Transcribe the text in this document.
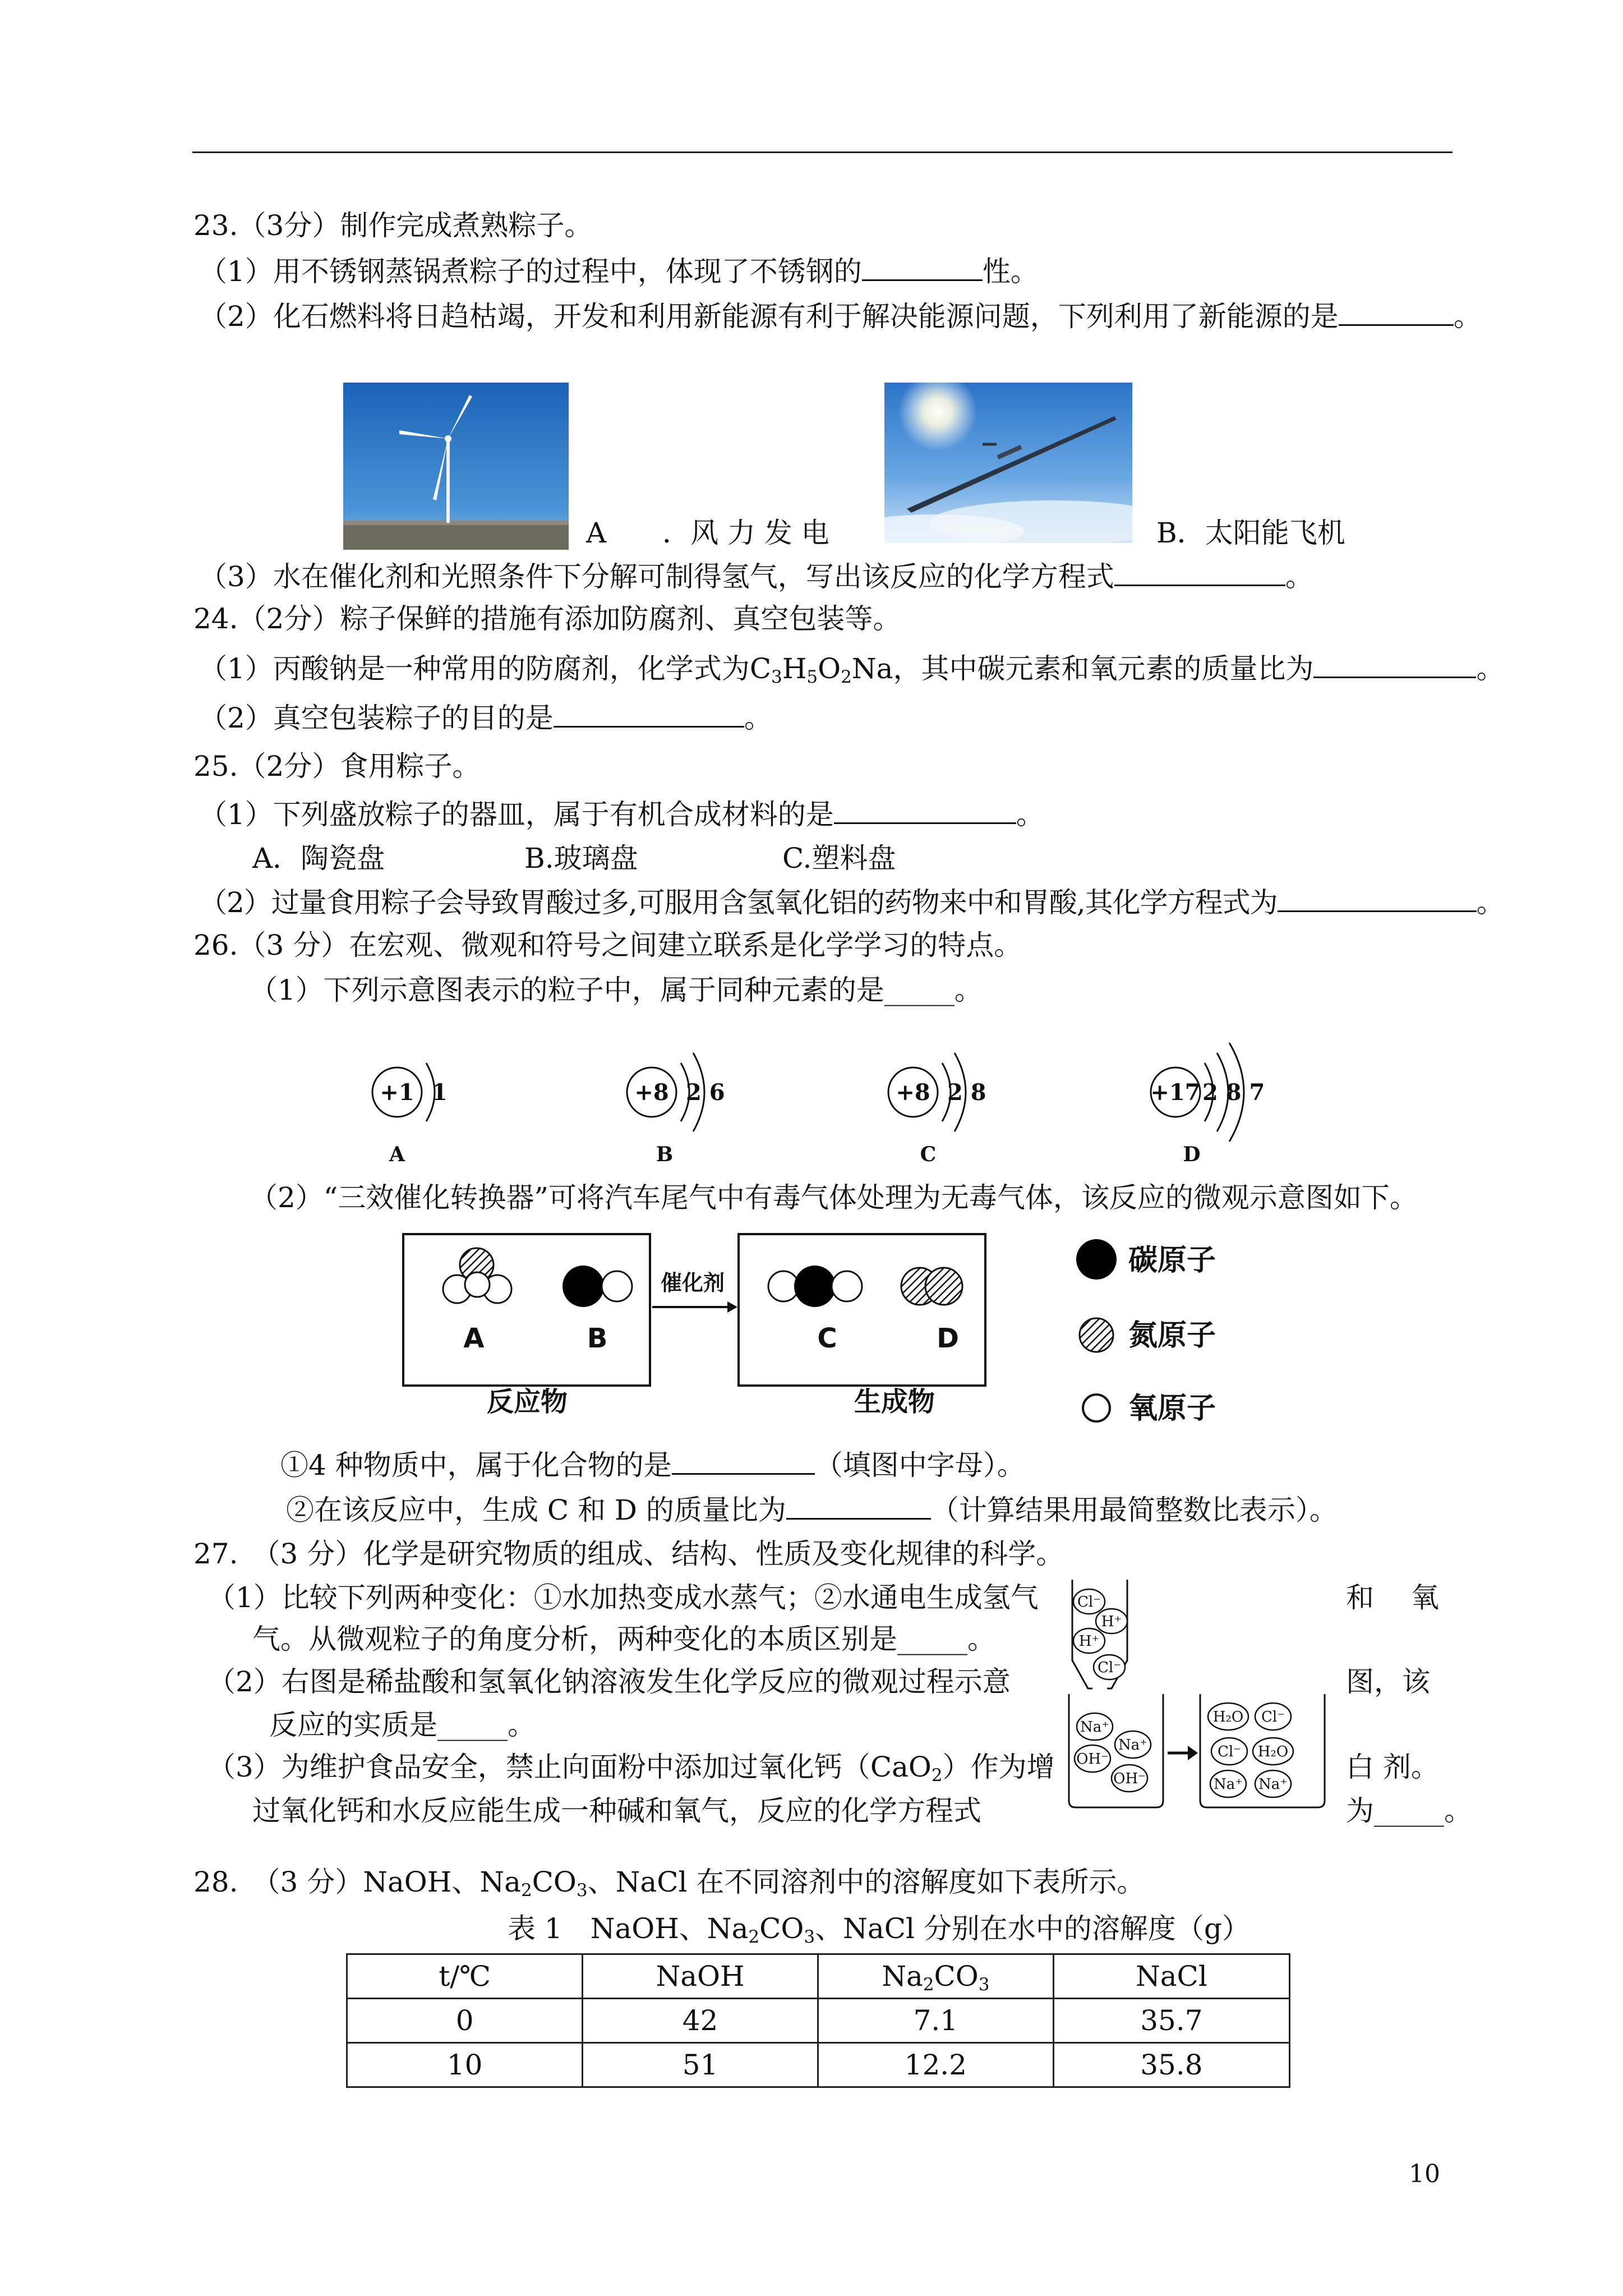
23.（3分）制作完成煮熟粽子。
（1）用不锈钢蒸锅煮粽子的过程中，体现了不锈钢的	性。
（2）化石燃料将日趋枯竭，开发和利用新能源有利于解决能源问题，下列利用了新能源的是	。
A　　．风 力 发 电	B．太阳能飞机
（3）水在催化剂和光照条件下分解可制得氢气，写出该反应的化学方程式	。
24.（2分）粽子保鲜的措施有添加防腐剂、真空包装等。
（1）丙酸钠是一种常用的防腐剂，化学式为$C_3H_5O_2Na$，其中碳元素和氧元素的质量比为	。
（2）真空包装粽子的目的是	。
25.（2分）食用粽子。
（1）下列盛放粽子的器皿，属于有机合成材料的是	。
A．陶瓷盘	B.玻璃盘	C.塑料盘
（2）过量食用粽子会导致胃酸过多,可服用含氢氧化铝的药物来中和胃酸,其化学方程式为	。
26.（3 分）在宏观、微观和符号之间建立联系是化学学习的特点。
（1）下列示意图表示的粒子中，属于同种元素的是_____。
+1 1
A
+8 2 6
B
+8 2 8
C
+17 2 8 7
D
（2）“三效催化转换器”可将汽车尾气中有毒气体处理为无毒气体，该反应的微观示意图如下。
A	B
反应物
催化剂
C	D
生成物
碳原子
氮原子
氧原子
①4 种物质中，属于化合物的是	（填图中字母）。
②在该反应中，生成 C 和 D 的质量比为	（计算结果用最简整数比表示）。
27.　（3 分）化学是研究物质的组成、结构、性质及变化规律的科学。
（1）比较下列两种变化：①水加热变成水蒸气；②水通电生成氢气	和　 氧
气。从微观粒子的角度分析，两种变化的本质区别是_____。
（2）右图是稀盐酸和氢氧化钠溶液发生化学反应的微观过程示意	图，该
反应的实质是_____。
（3）为维护食品安全，禁止向面粉中添加过氧化钙（CaO$_2$）作为增	白 剂。
过氧化钙和水反应能生成一种碱和氧气，反应的化学方程式	为_____。
Cl⁻
H⁺
H⁺
Cl⁻
Na⁺
Na⁺
OH⁻
OH⁻
H₂O Cl⁻
Cl⁻ H₂O
Na⁺ Na⁺
28.　（3 分）NaOH、$Na_2CO_3$、NaCl 在不同溶剂中的溶解度如下表所示。
表 1　NaOH、$Na_2CO_3$、NaCl 分别在水中的溶解度（g）
t/℃	NaOH	$Na_2CO_3$	NaCl
0	42	7.1	35.7
10	51	12.2	35.8
10
